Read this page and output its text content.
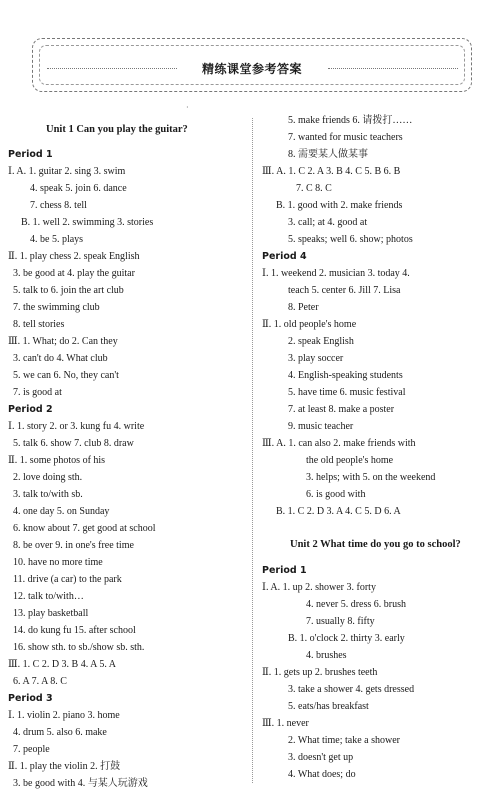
精练课堂参考答案
·
Unit 1 Can you play the guitar?
Period 1
Ⅰ. A. 1. guitar 2. sing 3. swim
4. speak 5. join 6. dance
7. chess 8. tell
B. 1. well 2. swimming 3. stories
4. be 5. plays
Ⅱ. 1. play chess 2. speak English
3. be good at 4. play the guitar
5. talk to 6. join the art club
7. the swimming club
8. tell stories
Ⅲ. 1. What; do 2. Can they
3. can't do 4. What club
5. we can 6. No, they can't
7. is good at
Period 2
Ⅰ. 1. story 2. or 3. kung fu 4. write
5. talk 6. show 7. club 8. draw
Ⅱ. 1. some photos of his
2. love doing sth.
3. talk to/with sb.
4. one day 5. on Sunday
6. know about 7. get good at school
8. be over 9. in one's free time
10. have no more time
11. drive (a car) to the park
12. talk to/with…
13. play basketball
14. do kung fu 15. after school
16. show sth. to sb./show sb. sth.
Ⅲ. 1. C 2. D 3. B 4. A 5. A
6. A 7. A 8. C
Period 3
Ⅰ. 1. violin 2. piano 3. home
4. drum 5. also 6. make
7. people
Ⅱ. 1. play the violin 2. 打鼓
3. be good with 4. 与某人玩游戏
5. make friends 6. 请拨打……
7. wanted for music teachers
8. 需要某人做某事
Ⅲ. A. 1. C 2. A 3. B 4. C 5. B 6. B
7. C 8. C
B. 1. good with 2. make friends
3. call; at 4. good at
5. speaks; well 6. show; photos
Period 4
Ⅰ. 1. weekend 2. musician 3. today 4.
teach 5. center 6. Jill 7. Lisa
8. Peter
Ⅱ. 1. old people's home
2. speak English
3. play soccer
4. English-speaking students
5. have time 6. music festival
7. at least 8. make a poster
9. music teacher
Ⅲ. A. 1. can also 2. make friends with
the old people's home
3. helps; with 5. on the weekend
6. is good with
B. 1. C 2. D 3. A 4. C 5. D 6. A
Unit 2 What time do you go to school?
Period 1
Ⅰ. A. 1. up 2. shower 3. forty
4. never 5. dress 6. brush
7. usually 8. fifty
B. 1. o'clock 2. thirty 3. early
4. brushes
Ⅱ. 1. gets up 2. brushes teeth
3. take a shower 4. gets dressed
5. eats/has breakfast
Ⅲ. 1. never
2. What time; take a shower
3. doesn't get up
4. What does; do
